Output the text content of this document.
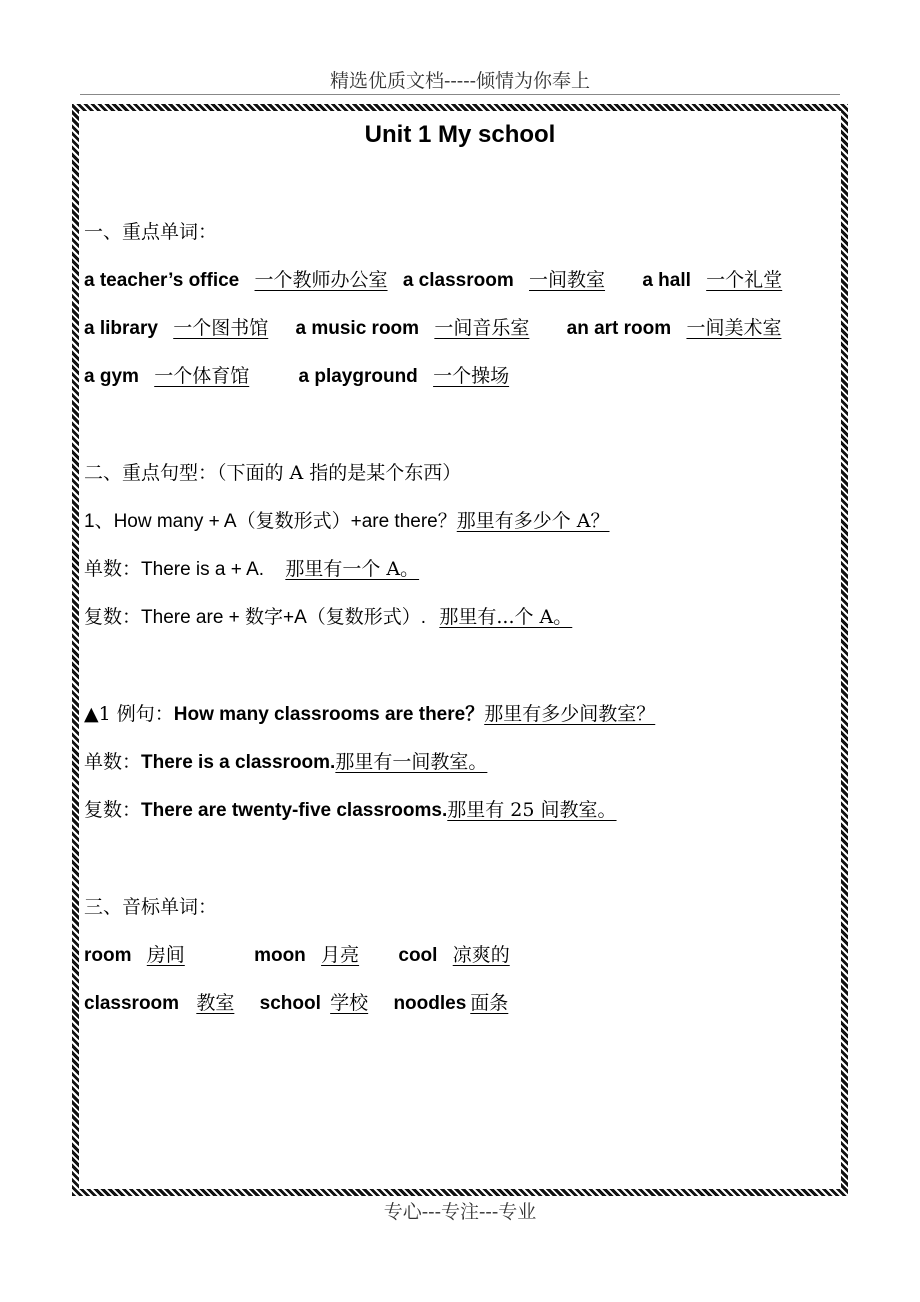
精选优质文档-----倾情为你奉上
Unit 1 My school
一、重点单词：
a teacher’s office 一个教师办公室 a classroom 一间教室 a hall 一个礼堂
a library 一个图书馆 a music room 一间音乐室 an art room 一间美术室
a gym 一个体育馆	a playground 一个操场
二、重点句型：（下面的 A 指的是某个东西）
1、How many + A（复数形式）+are there？那里有多少个 A？
单数：There is a + A. 那里有一个 A。
复数：There are + 数字+A（复数形式）. 那里有...个 A。
▲1 例句：How many classrooms are there？那里有多少间教室？
单数：There is a classroom.那里有一间教室。
复数：There are twenty-five classrooms.那里有 25 间教室。
三、音标单词：
room 房间	moon 月亮 cool 凉爽的
classroom 教室 school 学校 noodles 面条
专心---专注---专业
